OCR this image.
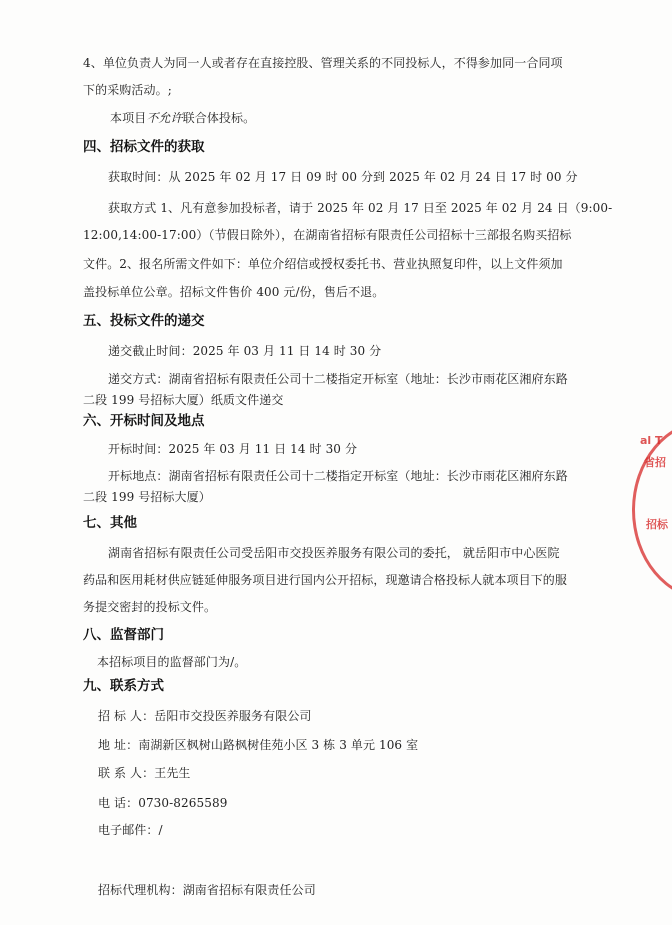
4、单位负责人为同一人或者存在直接控股、管理关系的不同投标人，不得参加同一合同项
下的采购活动。;
本项目不允许联合体投标。
四、招标文件的获取
获取时间：从 2025 年 02 月 17 日 09 时 00 分到 2025 年 02 月 24 日 17 时 00 分
获取方式 1、凡有意参加投标者，请于 2025 年 02 月 17 日至 2025 年 02 月 24 日（9:00-
12:00,14:00-17:00）（节假日除外），在湖南省招标有限责任公司招标十三部报名购买招标
文件。2、报名所需文件如下：单位介绍信或授权委托书、营业执照复印件，以上文件须加
盖投标单位公章。招标文件售价 400 元/份，售后不退。
五、投标文件的递交
递交截止时间：2025 年 03 月 11 日 14 时 30 分
递交方式：湖南省招标有限责任公司十二楼指定开标室（地址：长沙市雨花区湘府东路
二段 199 号招标大厦）纸质文件递交
六、开标时间及地点
开标时间：2025 年 03 月 11 日 14 时 30 分
开标地点：湖南省招标有限责任公司十二楼指定开标室（地址：长沙市雨花区湘府东路
二段 199 号招标大厦）
七、其他
湖南省招标有限责任公司受岳阳市交投医养服务有限公司的委托， 就岳阳市中心医院
药品和医用耗材供应链延伸服务项目进行国内公开招标，现邀请合格投标人就本项目下的服
务提交密封的投标文件。
八、监督部门
本招标项目的监督部门为/。
九、联系方式
招 标 人：岳阳市交投医养服务有限公司
地 址：南湖新区枫树山路枫树佳苑小区 3 栋 3 单元 106 室
联 系 人：王先生
电 话：0730-8265589
电子邮件：/
招标代理机构：湖南省招标有限责任公司
al T
省招
招标
